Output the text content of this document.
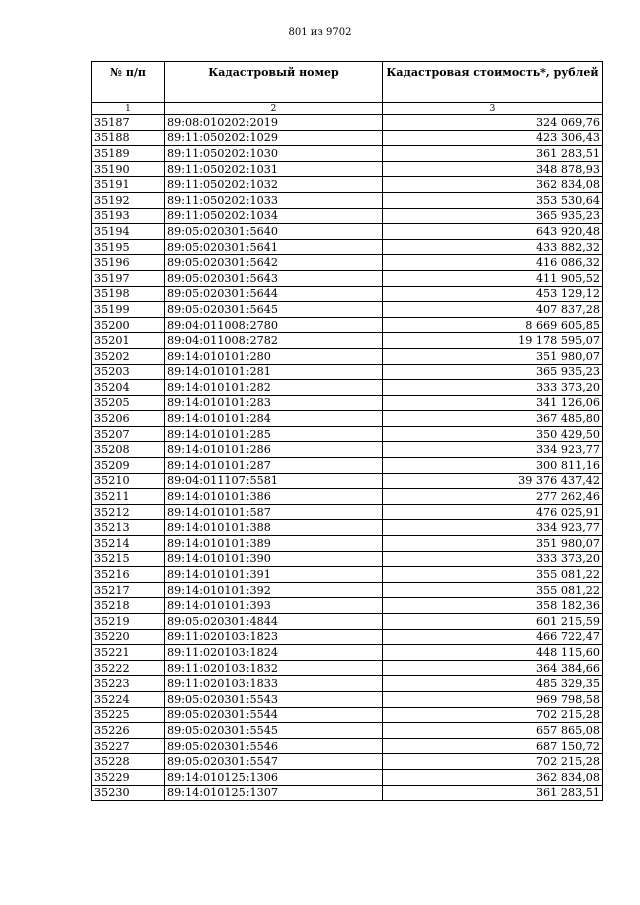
801 из 9702
№ п/п	Кадастровый номер	Кадастровая стоимость*, рублей
1	2	3
35187	89:08:010202:2019	324 069,76
35188	89:11:050202:1029	423 306,43
35189	89:11:050202:1030	361 283,51
35190	89:11:050202:1031	348 878,93
35191	89:11:050202:1032	362 834,08
35192	89:11:050202:1033	353 530,64
35193	89:11:050202:1034	365 935,23
35194	89:05:020301:5640	643 920,48
35195	89:05:020301:5641	433 882,32
35196	89:05:020301:5642	416 086,32
35197	89:05:020301:5643	411 905,52
35198	89:05:020301:5644	453 129,12
35199	89:05:020301:5645	407 837,28
35200	89:04:011008:2780	8 669 605,85
35201	89:04:011008:2782	19 178 595,07
35202	89:14:010101:280	351 980,07
35203	89:14:010101:281	365 935,23
35204	89:14:010101:282	333 373,20
35205	89:14:010101:283	341 126,06
35206	89:14:010101:284	367 485,80
35207	89:14:010101:285	350 429,50
35208	89:14:010101:286	334 923,77
35209	89:14:010101:287	300 811,16
35210	89:04:011107:5581	39 376 437,42
35211	89:14:010101:386	277 262,46
35212	89:14:010101:587	476 025,91
35213	89:14:010101:388	334 923,77
35214	89:14:010101:389	351 980,07
35215	89:14:010101:390	333 373,20
35216	89:14:010101:391	355 081,22
35217	89:14:010101:392	355 081,22
35218	89:14:010101:393	358 182,36
35219	89:05:020301:4844	601 215,59
35220	89:11:020103:1823	466 722,47
35221	89:11:020103:1824	448 115,60
35222	89:11:020103:1832	364 384,66
35223	89:11:020103:1833	485 329,35
35224	89:05:020301:5543	969 798,58
35225	89:05:020301:5544	702 215,28
35226	89:05:020301:5545	657 865,08
35227	89:05:020301:5546	687 150,72
35228	89:05:020301:5547	702 215,28
35229	89:14:010125:1306	362 834,08
35230	89:14:010125:1307	361 283,51
